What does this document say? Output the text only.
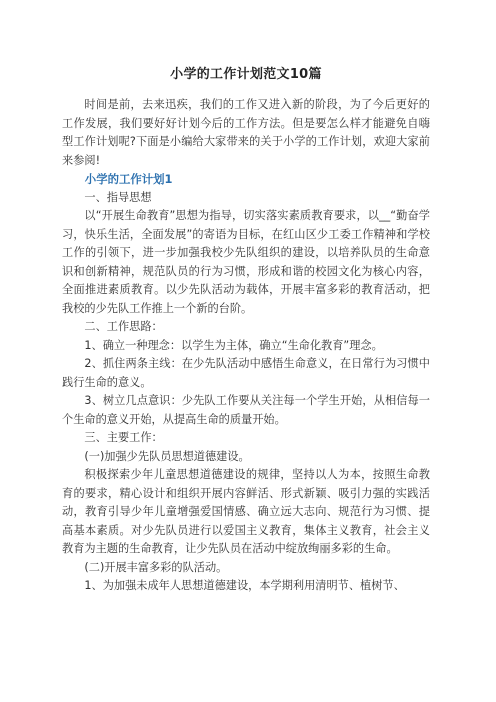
小学的工作计划范文10篇

时间是前，去来迅疾，我们的工作又进入新的阶段，为了今后更好的工作发展，我们要好好计划今后的工作方法。但是要怎么样才能避免自嗨型工作计划呢?下面是小编给大家带来的关于小学的工作计划，欢迎大家前来参阅!

小学的工作计划1

一、指导思想

以“开展生命教育”思想为指导，切实落实素质教育要求，以__“勤奋学习，快乐生活，全面发展”的寄语为目标，在红山区少工委工作精神和学校工作的引领下，进一步加强我校少先队组织的建设，以培养队员的生命意识和创新精神，规范队员的行为习惯，形成和谐的校园文化为核心内容，全面推进素质教育。以少先队活动为载体，开展丰富多彩的教育活动，把我校的少先队工作推上一个新的台阶。

二、工作思路：

1、确立一种理念：以学生为主体，确立“生命化教育”理念。

2、抓住两条主线：在少先队活动中感悟生命意义，在日常行为习惯中践行生命的意义。

3、树立几点意识：少先队工作要从关注每一个学生开始，从相信每一个生命的意义开始，从提高生命的质量开始。

三、主要工作：

(一)加强少先队员思想道德建设。

积极探索少年儿童思想道德建设的规律，坚持以人为本，按照生命教育的要求，精心设计和组织开展内容鲜活、形式新颖、吸引力强的实践活动，教育引导少年儿童增强爱国情感、确立远大志向、规范行为习惯、提高基本素质。对少先队员进行以爱国主义教育，集体主义教育，社会主义教育为主题的生命教育，让少先队员在活动中绽放绚丽多彩的生命。

(二)开展丰富多彩的队活动。

1、为加强未成年人思想道德建设，本学期利用清明节、植树节、
